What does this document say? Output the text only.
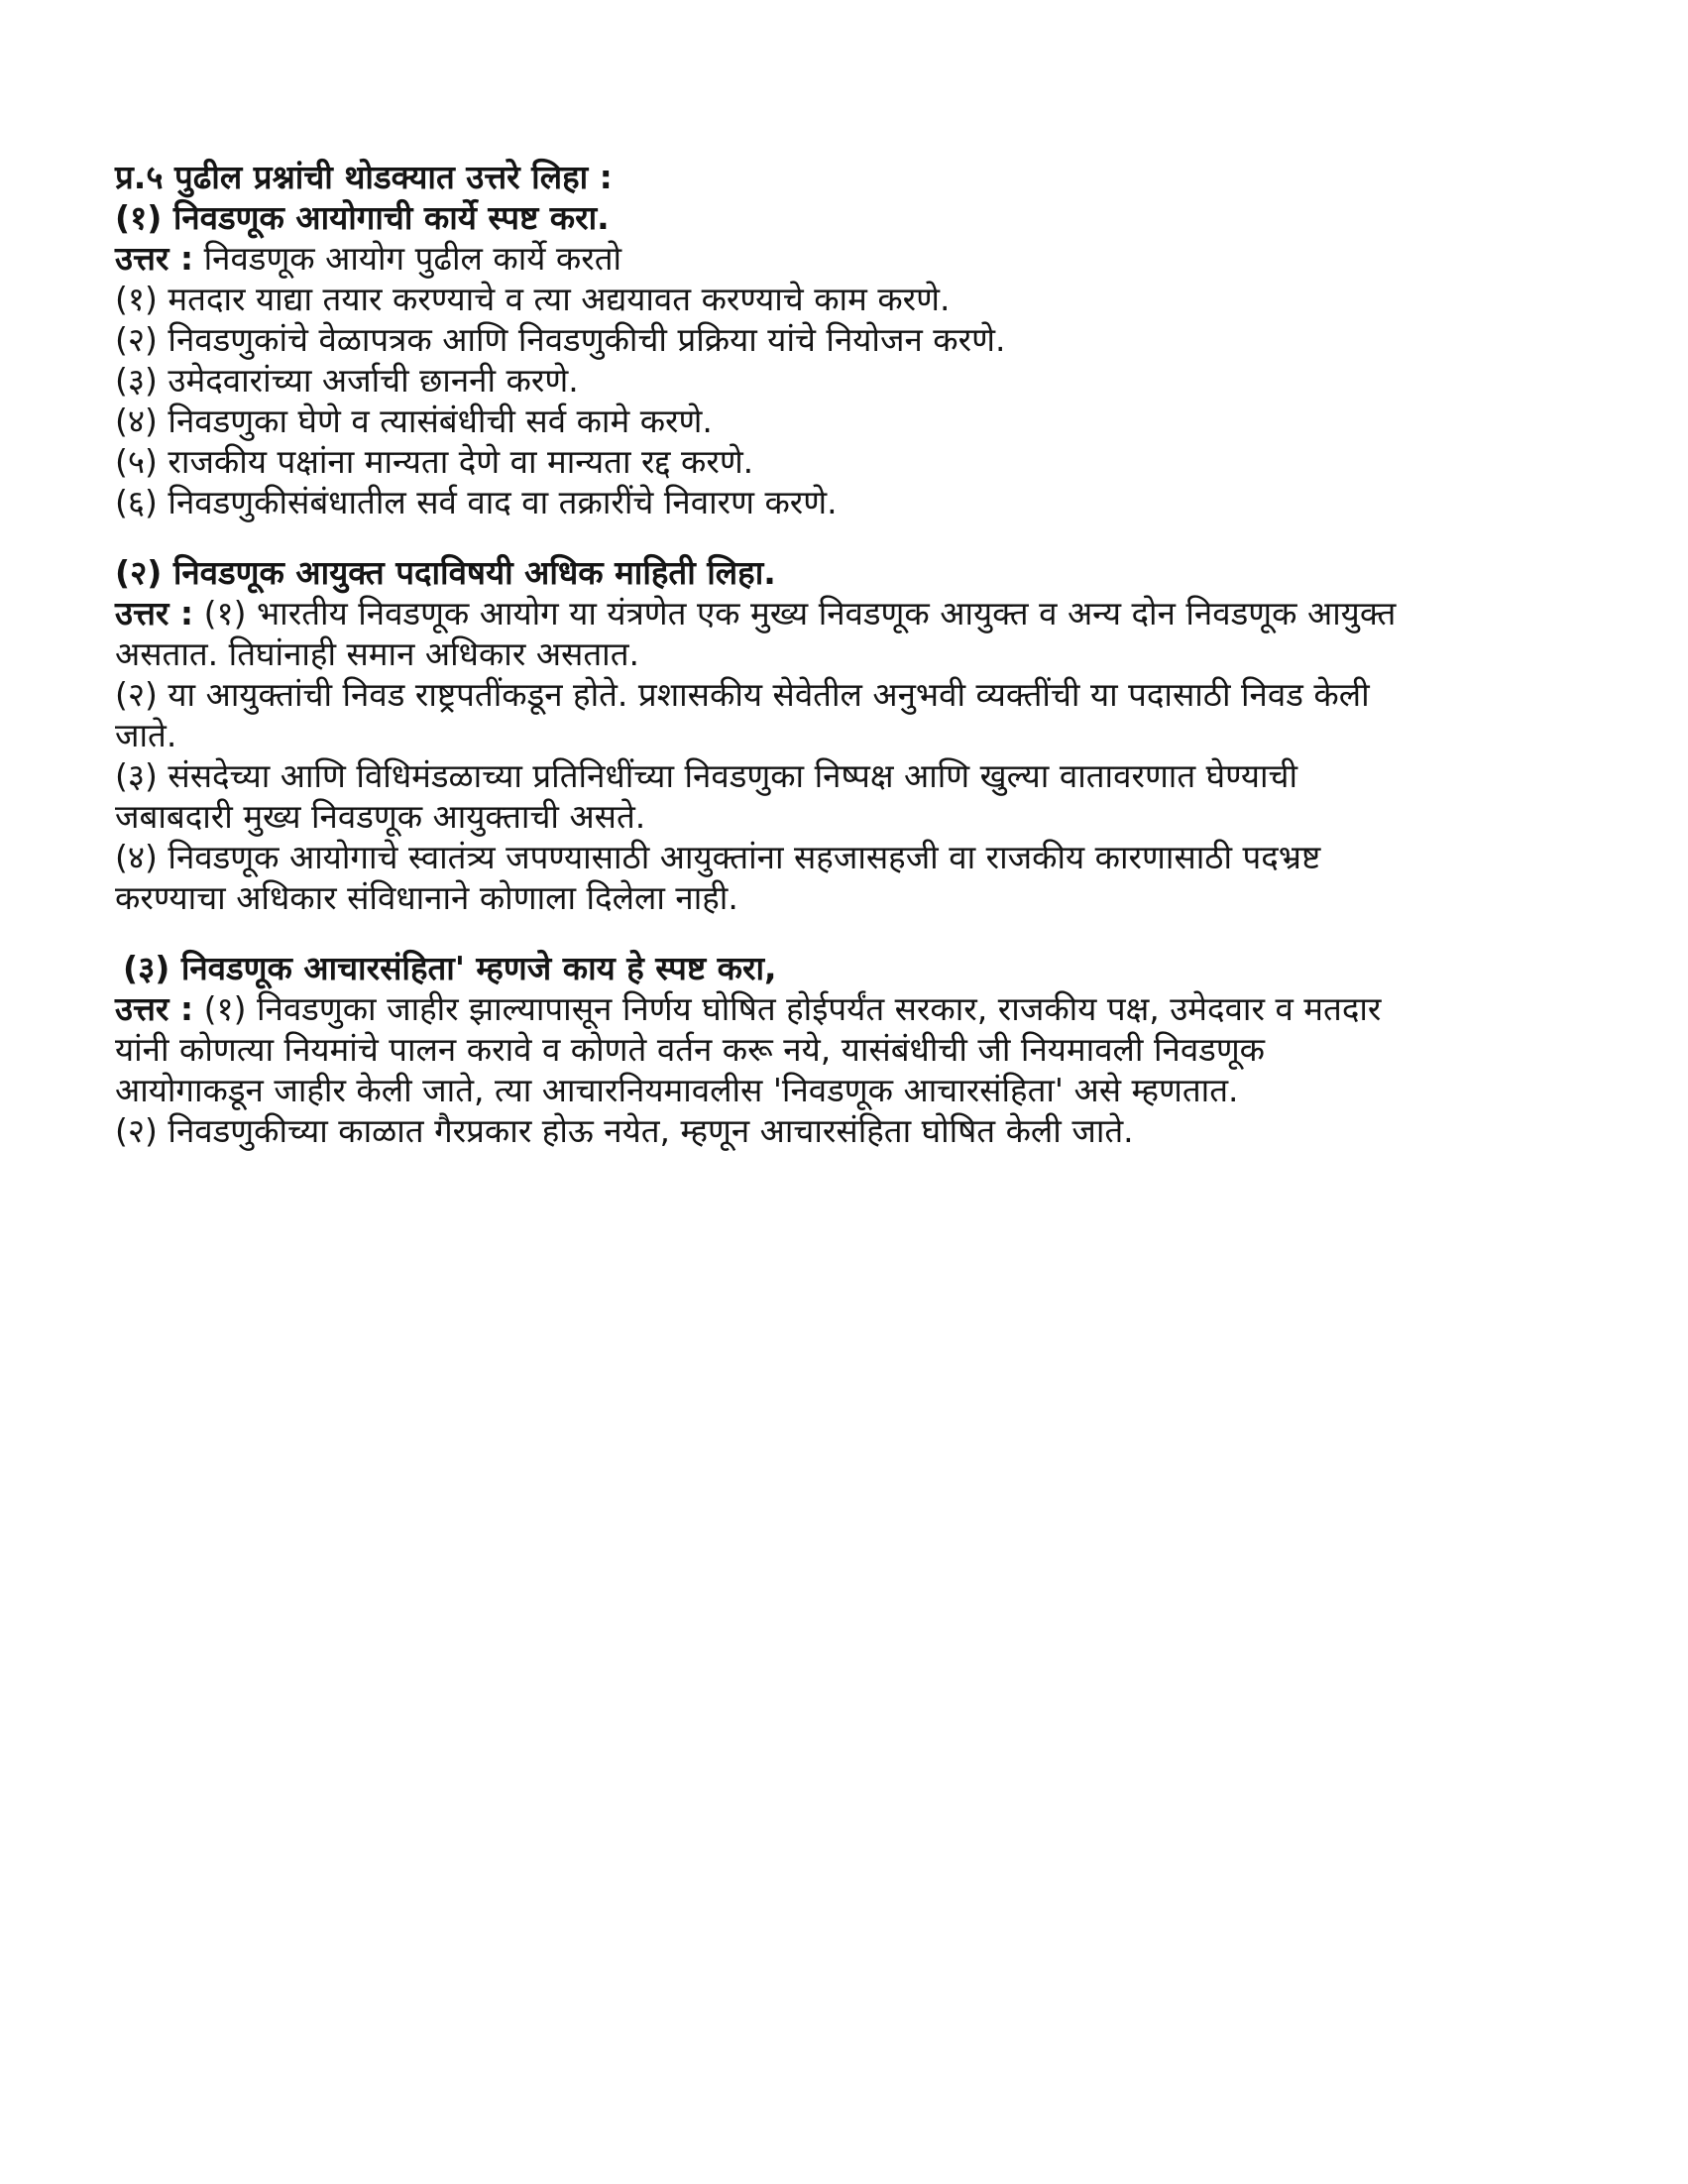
प्र.५ पुढील प्रश्नांची थोडक्यात उत्तरे लिहा :

(१) निवडणूक आयोगाची कार्ये स्पष्ट करा.

उत्तर : निवडणूक आयोग पुढील कार्ये करतो

(१) मतदार याद्या तयार करण्याचे व त्या अद्ययावत करण्याचे काम करणे.

(२) निवडणुकांचे वेळापत्रक आणि निवडणुकीची प्रक्रिया यांचे नियोजन करणे.

(३) उमेदवारांच्या अर्जाची छाननी करणे.

(४) निवडणुका घेणे व त्यासंबंधीची सर्व कामे करणे.

(५) राजकीय पक्षांना मान्यता देणे वा मान्यता रद्द करणे.

(६) निवडणुकीसंबंधातील सर्व वाद वा तक्रारींचे निवारण करणे.

(२) निवडणूक आयुक्त पदाविषयी अधिक माहिती लिहा.

उत्तर : (१) भारतीय निवडणूक आयोग या यंत्रणेत एक मुख्य निवडणूक आयुक्त व अन्य दोन निवडणूक आयुक्त

असतात. तिघांनाही समान अधिकार असतात.

(२) या आयुक्तांची निवड राष्ट्रपतींकडून होते. प्रशासकीय सेवेतील अनुभवी व्यक्तींची या पदासाठी निवड केली

जाते.

(३) संसदेच्या आणि विधिमंडळाच्या प्रतिनिधींच्या निवडणुका निष्पक्ष आणि खुल्या वातावरणात घेण्याची

जबाबदारी मुख्य निवडणूक आयुक्ताची असते.

(४) निवडणूक आयोगाचे स्वातंत्र्य जपण्यासाठी आयुक्तांना सहजासहजी वा राजकीय कारणासाठी पदभ्रष्ट

करण्याचा अधिकार संविधानाने कोणाला दिलेला नाही.

(३) निवडणूक आचारसंहिता' म्हणजे काय हे स्पष्ट करा,

उत्तर : (१) निवडणुका जाहीर झाल्यापासून निर्णय घोषित होईपर्यंत सरकार, राजकीय पक्ष, उमेदवार व मतदार

यांनी कोणत्या नियमांचे पालन करावे व कोणते वर्तन करू नये, यासंबंधीची जी नियमावली निवडणूक

आयोगाकडून जाहीर केली जाते, त्या आचारनियमावलीस 'निवडणूक आचारसंहिता' असे म्हणतात.

(२) निवडणुकीच्या काळात गैरप्रकार होऊ नयेत, म्हणून आचारसंहिता घोषित केली जाते.
